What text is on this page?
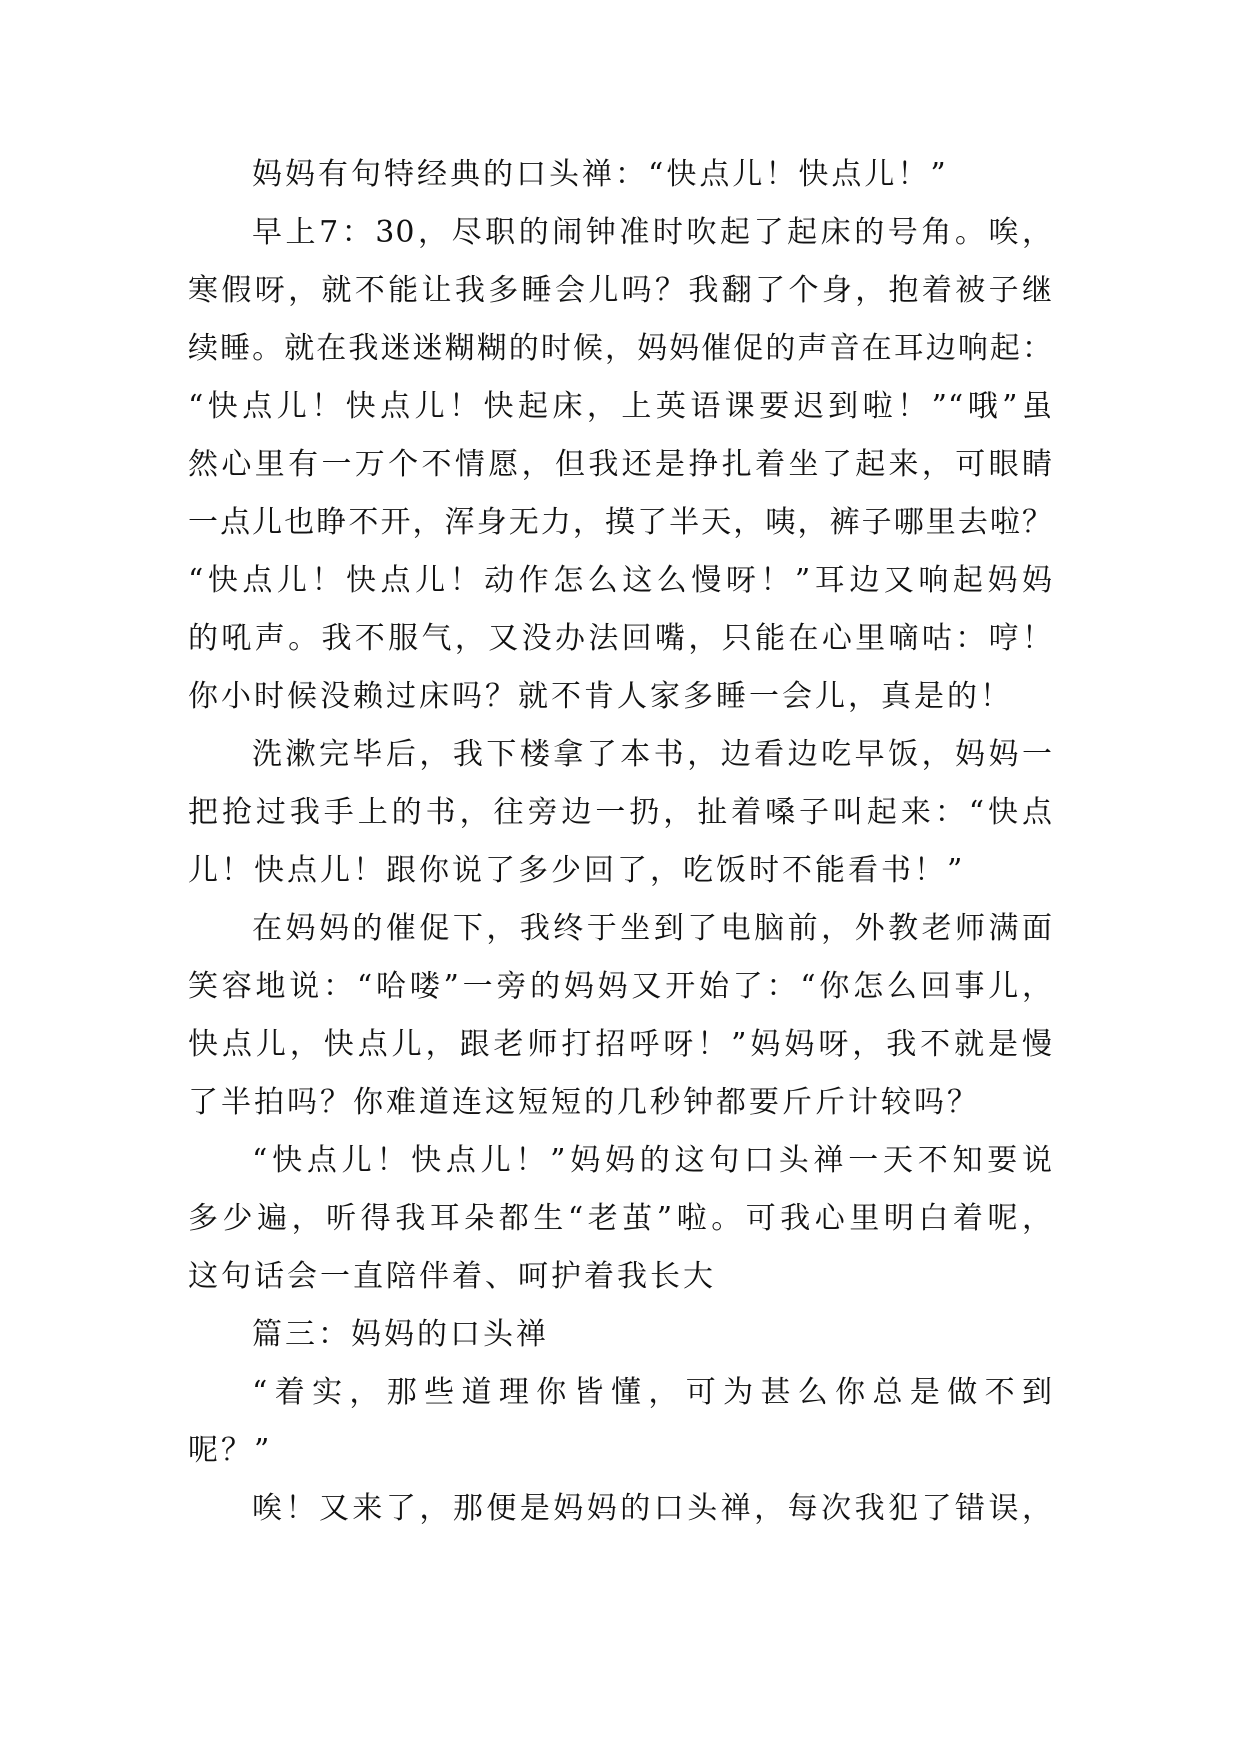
妈妈有句特经典的口头禅：“快点儿！快点儿！”
早上7：30，尽职的闹钟准时吹起了起床的号角。唉，
寒假呀，就不能让我多睡会儿吗？我翻了个身，抱着被子继
续睡。就在我迷迷糊糊的时候，妈妈催促的声音在耳边响起：
“快点儿！快点儿！快起床，上英语课要迟到啦！”“哦”虽
然心里有一万个不情愿，但我还是挣扎着坐了起来，可眼睛
一点儿也睁不开，浑身无力，摸了半天，咦，裤子哪里去啦？
“快点儿！快点儿！动作怎么这么慢呀！”耳边又响起妈妈
的吼声。我不服气，又没办法回嘴，只能在心里嘀咕：哼！
你小时候没赖过床吗？就不肯人家多睡一会儿，真是的！
洗漱完毕后，我下楼拿了本书，边看边吃早饭，妈妈一
把抢过我手上的书，往旁边一扔，扯着嗓子叫起来：“快点
儿！快点儿！跟你说了多少回了，吃饭时不能看书！”
在妈妈的催促下，我终于坐到了电脑前，外教老师满面
笑容地说：“哈喽”一旁的妈妈又开始了：“你怎么回事儿，
快点儿，快点儿，跟老师打招呼呀！”妈妈呀，我不就是慢
了半拍吗？你难道连这短短的几秒钟都要斤斤计较吗？
“快点儿！快点儿！”妈妈的这句口头禅一天不知要说
多少遍，听得我耳朵都生“老茧”啦。可我心里明白着呢，
这句话会一直陪伴着、呵护着我长大
篇三：妈妈的口头禅
“着实，那些道理你皆懂，可为甚么你总是做不到
呢？”
唉！又来了，那便是妈妈的口头禅，每次我犯了错误，
